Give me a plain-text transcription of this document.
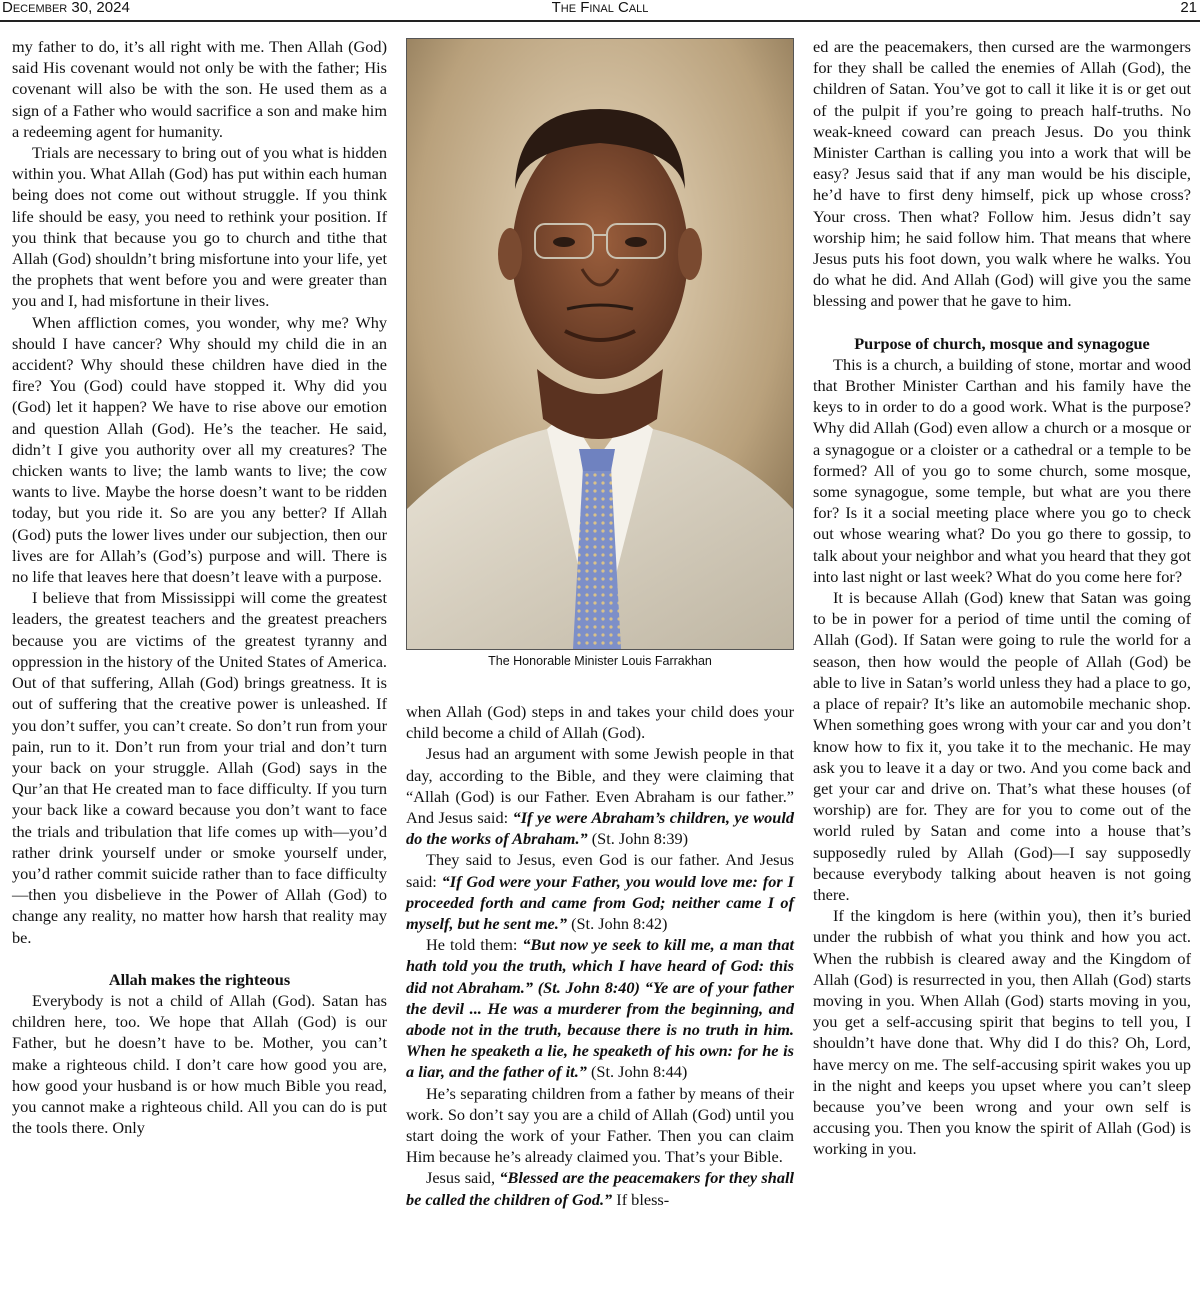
December 30, 2024	The Final Call	21

my father to do, it’s all right with me. Then Allah (God) said His covenant would not only be with the father; His covenant will also be with the son. He used them as a sign of a Father who would sacrifice a son and make him a redeeming agent for humanity.

Trials are necessary to bring out of you what is hidden within you. What Allah (God) has put within each human being does not come out without struggle. If you think life should be easy, you need to rethink your position. If you think that because you go to church and tithe that Allah (God) shouldn’t bring misfortune into your life, yet the prophets that went before you and were greater than you and I, had misfortune in their lives.

When affliction comes, you wonder, why me? Why should I have cancer? Why should my child die in an accident? Why should these children have died in the fire? You (God) could have stopped it. Why did you (God) let it happen? We have to rise above our emotion and question Allah (God). He’s the teacher. He said, didn’t I give you authority over all my creatures? The chicken wants to live; the lamb wants to live; the cow wants to live. Maybe the horse doesn’t want to be ridden today, but you ride it. So are you any better? If Allah (God) puts the lower lives under our subjection, then our lives are for Allah’s (God’s) purpose and will. There is no life that leaves here that doesn’t leave with a purpose.

I believe that from Mississippi will come the greatest leaders, the greatest teachers and the greatest preachers because you are victims of the greatest tyranny and oppression in the history of the United States of America. Out of that suffering, Allah (God) brings greatness. It is out of suffering that the creative power is unleashed. If you don’t suffer, you can’t create. So don’t run from your pain, run to it. Don’t run from your trial and don’t turn your back on your struggle. Allah (God) says in the Qur’an that He created man to face difficulty. If you turn your back like a coward because you don’t want to face the trials and tribulation that life comes up with—you’d rather drink yourself under or smoke yourself under, you’d rather commit suicide rather than to face difficulty—then you disbelieve in the Power of Allah (God) to change any reality, no matter how harsh that reality may be.

Allah makes the righteous

Everybody is not a child of Allah (God). Satan has children here, too. We hope that Allah (God) is our Father, but he doesn’t have to be. Mother, you can’t make a righteous child. I don’t care how good you are, how good your husband is or how much Bible you read, you cannot make a righteous child. All you can do is put the tools there. Only

The Honorable Minister Louis Farrakhan

when Allah (God) steps in and takes your child does your child become a child of Allah (God).

Jesus had an argument with some Jewish people in that day, according to the Bible, and they were claiming that “Allah (God) is our Father. Even Abraham is our father.” And Jesus said: “If ye were Abraham’s children, ye would do the works of Abraham.” (St. John 8:39)

They said to Jesus, even God is our father. And Jesus said: “If God were your Father, you would love me: for I proceeded forth and came from God; neither came I of myself, but he sent me.” (St. John 8:42)

He told them: “But now ye seek to kill me, a man that hath told you the truth, which I have heard of God: this did not Abraham.” (St. John 8:40) “Ye are of your father the devil ... He was a murderer from the beginning, and abode not in the truth, because there is no truth in him. When he speaketh a lie, he speaketh of his own: for he is a liar, and the father of it.” (St. John 8:44)

He’s separating children from a father by means of their work. So don’t say you are a child of Allah (God) until you start doing the work of your Father. Then you can claim Him because he’s already claimed you. That’s your Bible.

Jesus said, “Blessed are the peacemakers for they shall be called the children of God.” If bless-

ed are the peacemakers, then cursed are the warmongers for they shall be called the enemies of Allah (God), the children of Satan. You’ve got to call it like it is or get out of the pulpit if you’re going to preach half-truths. No weak-kneed coward can preach Jesus. Do you think Minister Carthan is calling you into a work that will be easy? Jesus said that if any man would be his disciple, he’d have to first deny himself, pick up whose cross? Your cross. Then what? Follow him. Jesus didn’t say worship him; he said follow him. That means that where Jesus puts his foot down, you walk where he walks. You do what he did. And Allah (God) will give you the same blessing and power that he gave to him.

Purpose of church, mosque and synagogue

This is a church, a building of stone, mortar and wood that Brother Minister Carthan and his family have the keys to in order to do a good work. What is the purpose? Why did Allah (God) even allow a church or a mosque or a synagogue or a cloister or a cathedral or a temple to be formed? All of you go to some church, some mosque, some synagogue, some temple, but what are you there for? Is it a social meeting place where you go to check out whose wearing what? Do you go there to gossip, to talk about your neighbor and what you heard that they got into last night or last week? What do you come here for?

It is because Allah (God) knew that Satan was going to be in power for a period of time until the coming of Allah (God). If Satan were going to rule the world for a season, then how would the people of Allah (God) be able to live in Satan’s world unless they had a place to go, a place of repair? It’s like an automobile mechanic shop. When something goes wrong with your car and you don’t know how to fix it, you take it to the mechanic. He may ask you to leave it a day or two. And you come back and get your car and drive on. That’s what these houses (of worship) are for. They are for you to come out of the world ruled by Satan and come into a house that’s supposedly ruled by Allah (God)—I say supposedly because everybody talking about heaven is not going there.

If the kingdom is here (within you), then it’s buried under the rubbish of what you think and how you act. When the rubbish is cleared away and the Kingdom of Allah (God) is resurrected in you, then Allah (God) starts moving in you. When Allah (God) starts moving in you, you get a self-accusing spirit that begins to tell you, I shouldn’t have done that. Why did I do this? Oh, Lord, have mercy on me. The self-accusing spirit wakes you up in the night and keeps you upset where you can’t sleep because you’ve been wrong and your own self is accusing you. Then you know the spirit of Allah (God) is working in you.
